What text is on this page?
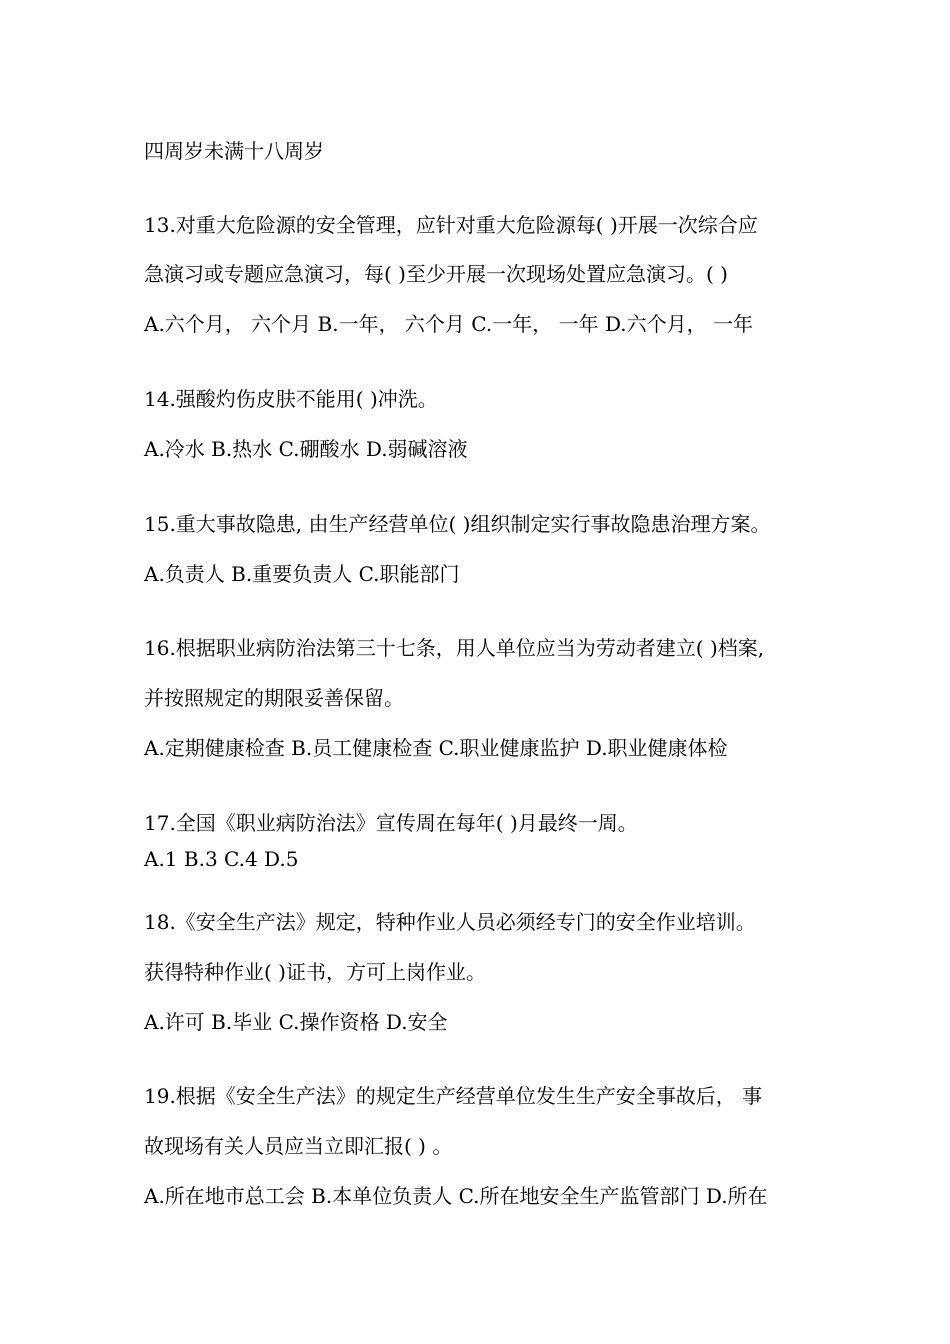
四周岁未满十八周岁
13.对重大危险源的安全管理，应针对重大危险源每( )开展一次综合应
急演习或专题应急演习，每( )至少开展一次现场处置应急演习。( )
A.六个月， 六个月 B.一年， 六个月 C.一年， 一年 D.六个月， 一年
14.强酸灼伤皮肤不能用( )冲洗。
A.冷水 B.热水 C.硼酸水 D.弱碱溶液
15.重大事故隐患, 由生产经营单位( )组织制定实行事故隐患治理方案。
A.负责人 B.重要负责人 C.职能部门
16.根据职业病防治法第三十七条，用人单位应当为劳动者建立( )档案,
并按照规定的期限妥善保留。
A.定期健康检查 B.员工健康检查 C.职业健康监护 D.职业健康体检
17.全国《职业病防治法》宣传周在每年( )月最终一周。
A.1 B.3 C.4 D.5
18.《安全生产法》规定，特种作业人员必须经专门的安全作业培训。
获得特种作业( )证书，方可上岗作业。
A.许可 B.毕业 C.操作资格 D.安全
19.根据《安全生产法》的规定生产经营单位发生生产安全事故后， 事
故现场有关人员应当立即汇报( ) 。
A.所在地市总工会 B.本单位负责人 C.所在地安全生产监管部门 D.所在
